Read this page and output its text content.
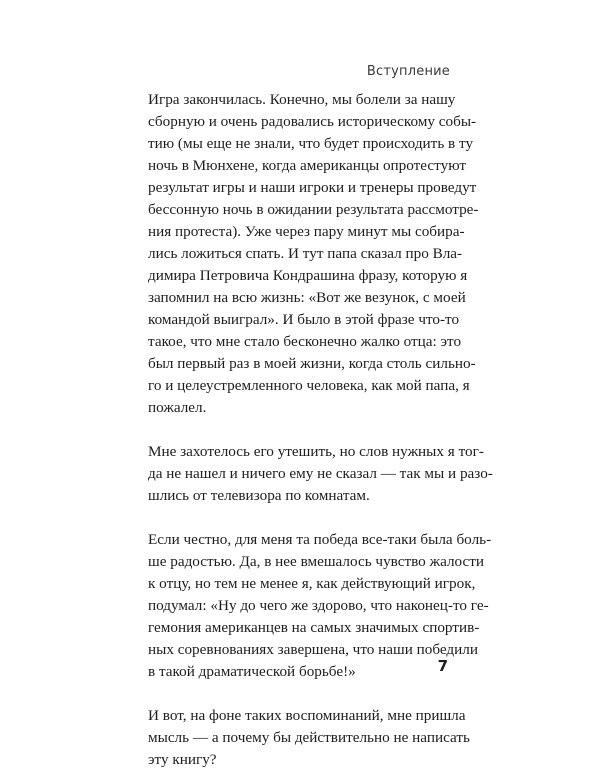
Вступление

Игра закончилась. Конечно, мы болели за нашу
сборную и очень радовались историческому собы-
тию (мы еще не знали, что будет происходить в ту
ночь в Мюнхене, когда американцы опротестуют
результат игры и наши игроки и тренеры проведут
бессонную ночь в ожидании результата рассмотре-
ния протеста). Уже через пару минут мы собира-
лись ложиться спать. И тут папа сказал про Вла-
димира Петровича Кондрашина фразу, которую я
запомнил на всю жизнь: «Вот же везунок, с моей
командой выиграл». И было в этой фразе что-то
такое, что мне стало бесконечно жалко отца: это
был первый раз в моей жизни, когда столь сильно-
го и целеустремленного человека, как мой папа, я
пожалел.

Мне захотелось его утешить, но слов нужных я тог-
да не нашел и ничего ему не сказал — так мы и разо-
шлись от телевизора по комнатам.

Если честно, для меня та победа все-таки была боль-
ше радостью. Да, в нее вмешалось чувство жалости
к отцу, но тем не менее я, как действующий игрок,
подумал: «Ну до чего же здорово, что наконец-то ге-
гемония американцев на самых значимых спортив-
ных соревнованиях завершена, что наши победили
в такой драматической борьбе!»

И вот, на фоне таких воспоминаний, мне пришла
мысль — а почему бы действительно не написать
эту книгу?

7
